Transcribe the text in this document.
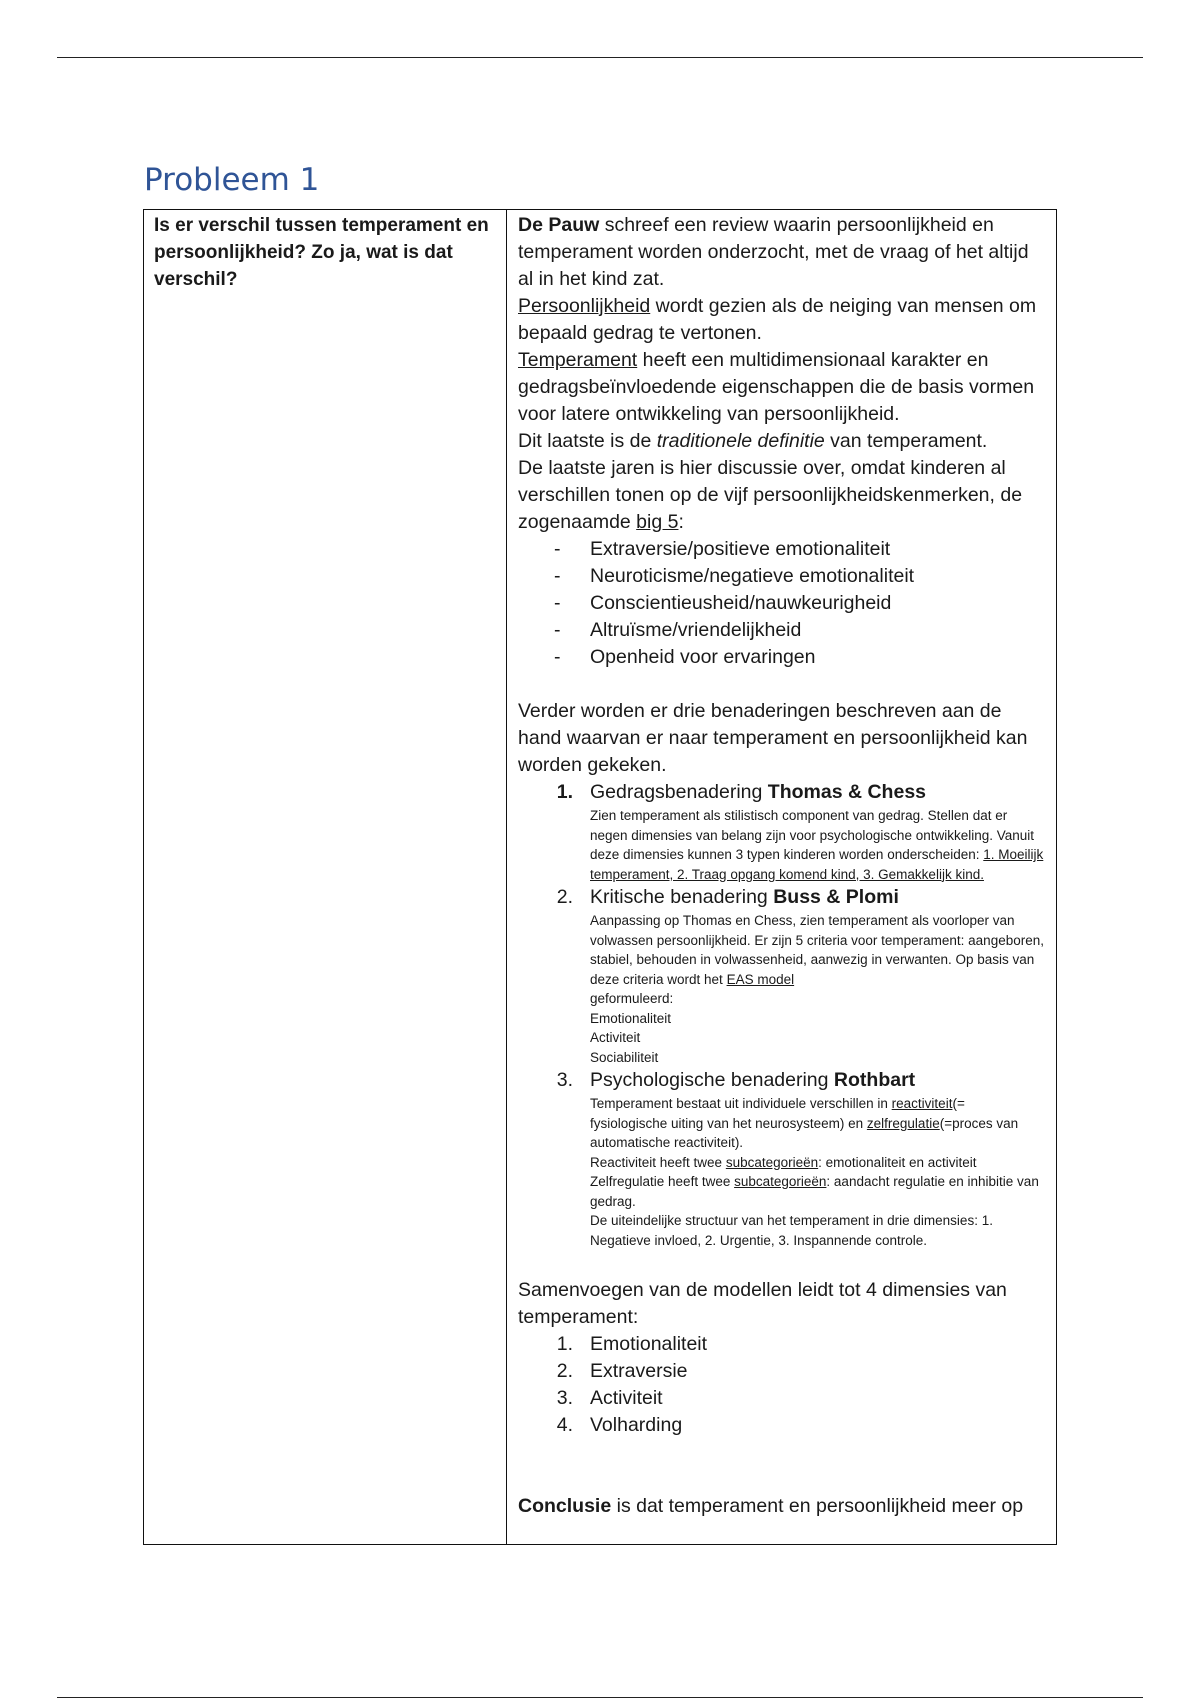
Probleem 1

Is er verschil tussen temperament en persoonlijkheid? Zo ja, wat is dat verschil?

De Pauw schreef een review waarin persoonlijkheid en temperament worden onderzocht, met de vraag of het altijd al in het kind zat.

Persoonlijkheid wordt gezien als de neiging van mensen om bepaald gedrag te vertonen.

Temperament heeft een multidimensionaal karakter en gedragsbeïnvloedende eigenschappen die de basis vormen voor latere ontwikkeling van persoonlijkheid.

Dit laatste is de traditionele definitie van temperament.

De laatste jaren is hier discussie over, omdat kinderen al verschillen tonen op de vijf persoonlijkheidskenmerken, de zogenaamde big 5:

- Extraversie/positieve emotionaliteit
- Neuroticisme/negatieve emotionaliteit
- Conscientieusheid/nauwkeurigheid
- Altruïsme/vriendelijkheid
- Openheid voor ervaringen

Verder worden er drie benaderingen beschreven aan de hand waarvan er naar temperament en persoonlijkheid kan worden gekeken.

1. Gedragsbenadering Thomas & Chess

Zien temperament als stilistisch component van gedrag. Stellen dat er negen dimensies van belang zijn voor psychologische ontwikkeling. Vanuit deze dimensies kunnen 3 typen kinderen worden onderscheiden: 1. Moeilijk temperament, 2. Traag opgang komend kind, 3. Gemakkelijk kind.

2. Kritische benadering Buss & Plomi

Aanpassing op Thomas en Chess, zien temperament als voorloper van volwassen persoonlijkheid. Er zijn 5 criteria voor temperament: aangeboren, stabiel, behouden in volwassenheid, aanwezig in verwanten. Op basis van deze criteria wordt het EAS model

geformuleerd:

Emotionaliteit

Activiteit

Sociabiliteit

3. Psychologische benadering Rothbart

Temperament bestaat uit individuele verschillen in reactiviteit(= fysiologische uiting van het neurosysteem) en zelfregulatie(=proces van automatische reactiviteit).

Reactiviteit heeft twee subcategorieën: emotionaliteit en activiteit

Zelfregulatie heeft twee subcategorieën: aandacht regulatie en inhibitie van gedrag.

De uiteindelijke structuur van het temperament in drie dimensies: 1. Negatieve invloed, 2. Urgentie, 3. Inspannende controle.

Samenvoegen van de modellen leidt tot 4 dimensies van temperament:

1. Emotionaliteit

2. Extraversie

3. Activiteit

4. Volharding

Conclusie is dat temperament en persoonlijkheid meer op
